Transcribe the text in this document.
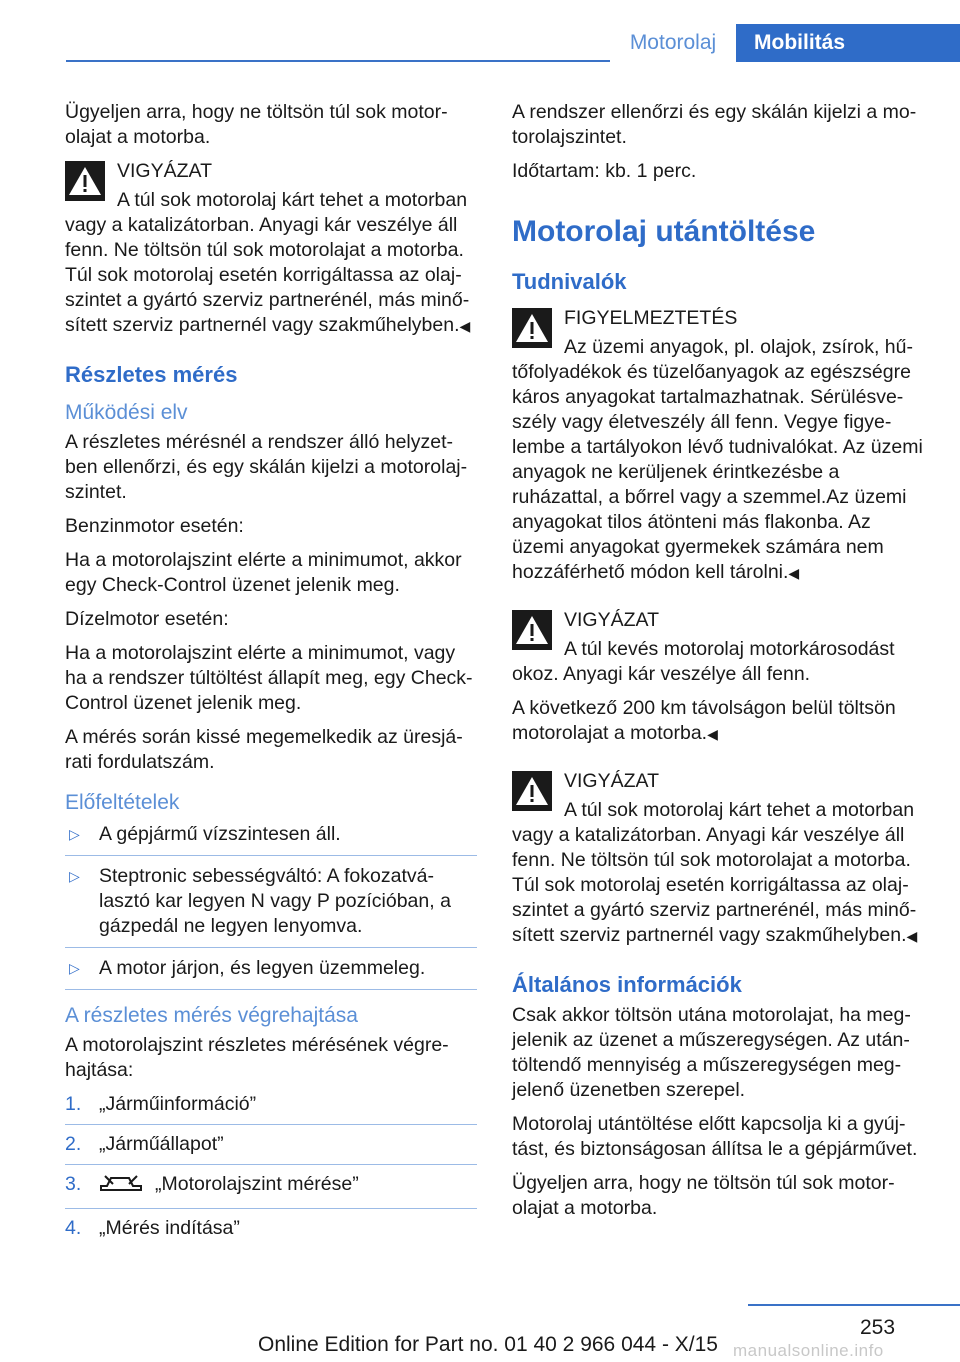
Motorolaj	Mobilitás

Ügyeljen arra, hogy ne töltsön túl sok motorolajat a motorba.

VIGYÁZAT
A túl sok motorolaj kárt tehet a motorban vagy a katalizátorban. Anyagi kár veszélye áll fenn. Ne töltsön túl sok motorolajat a motorba. Túl sok motorolaj esetén korrigáltassa az olajszintet a gyártó szerviz partnerénél, más minősített szerviz partnernél vagy szakműhelyben.◀
Részletes mérés
Működési elv

A részletes mérésnél a rendszer álló helyzetben ellenőrzi, és egy skálán kijelzi a motorolajszintet.

Benzinmotor esetén:

Ha a motorolajszint elérte a minimumot, akkor egy Check-Control üzenet jelenik meg.

Dízelmotor esetén:

Ha a motorolajszint elérte a minimumot, vagy ha a rendszer túltöltést állapít meg, egy Check-Control üzenet jelenik meg.

A mérés során kissé megemelkedik az üresjárati fordulatszám.

Előfeltételek
▷ A gépjármű vízszintesen áll.
▷ Steptronic sebességváltó: A fokozatválasztó kar legyen N vagy P pozícióban, a gázpedál ne legyen lenyomva.
▷ A motor járjon, és legyen üzemmeleg.
A részletes mérés végrehajtása

A motorolajszint részletes mérésének végrehajtása:

1. „Járműinformáció”
2. „Járműállapot”
3.	„Motorolajszint mérése”
4. „Mérés indítása”

A rendszer ellenőrzi és egy skálán kijelzi a motorolajszintet.

Időtartam: kb. 1 perc.

Motorolaj utántöltése
Tudnivalók
FIGYELMEZTETÉS
Az üzemi anyagok, pl. olajok, zsírok, hűtőfolyadékok és tüzelőanyagok az egészségre káros anyagokat tartalmazhatnak. Sérülésveszély vagy életveszély áll fenn. Vegye figyelembe a tartályokon lévő tudnivalókat. Az üzemi anyagok ne kerüljenek érintkezésbe a ruházattal, a bőrrel vagy a szemmel.Az üzemi anyagokat tilos átönteni más flakonba. Az üzemi anyagokat gyermekek számára nem hozzáférhető módon kell tárolni.◀
VIGYÁZAT
A túl kevés motorolaj motorkárosodást okoz. Anyagi kár veszélye áll fenn.

A következő 200 km távolságon belül töltsön motorolajat a motorba.◀

VIGYÁZAT
A túl sok motorolaj kárt tehet a motorban vagy a katalizátorban. Anyagi kár veszélye áll fenn. Ne töltsön túl sok motorolajat a motorba. Túl sok motorolaj esetén korrigáltassa az olajszintet a gyártó szerviz partnerénél, más minősített szerviz partnernél vagy szakműhelyben.◀
Általános információk

Csak akkor töltsön utána motorolajat, ha megjelenik az üzenet a műszeregységen. Az utántöltendő mennyiség a műszeregységen megjelenő üzenetben szerepel.

Motorolaj utántöltése előtt kapcsolja ki a gyújtást, és biztonságosan állítsa le a gépjárművet.

Ügyeljen arra, hogy ne töltsön túl sok motorolajat a motorba.

253
Online Edition for Part no. 01 40 2 966 044 - X/15 manualsonline.info
